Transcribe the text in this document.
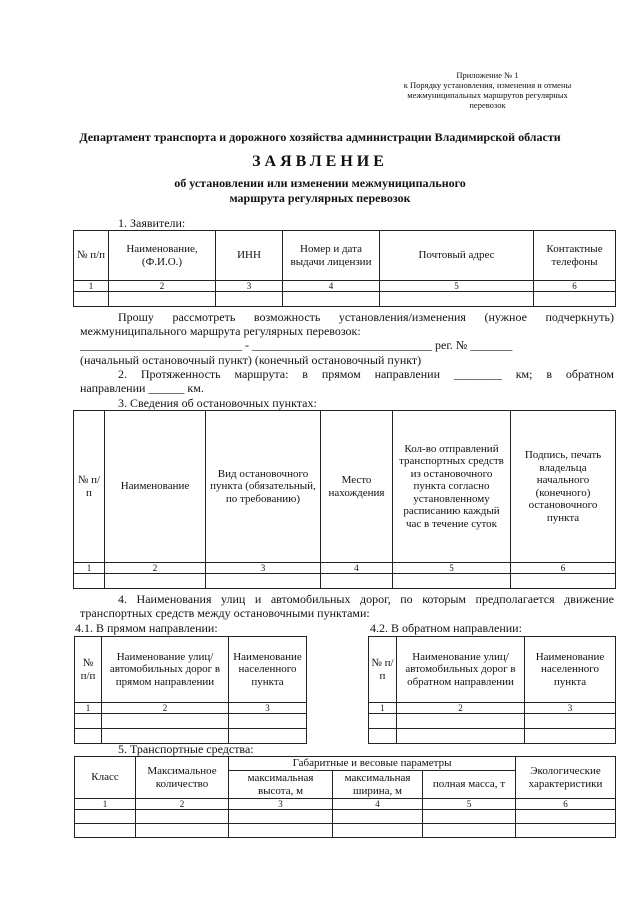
Приложение № 1
к Порядку установления, изменения и отмены
межмуниципальных маршрутов регулярных
перевозок
Департамент транспорта и дорожного хозяйства администрации Владимирской области
ЗАЯВЛЕНИЕ
об установлении или изменении межмуниципального
маршрута регулярных перевозок
1. Заявители:
№ п/п	Наименование, (Ф.И.О.)	ИНН	Номер и дата выдачи лицензии	Почтовый адрес	Контактные телефоны
1	2	3	4	5	6

Прошу рассмотреть возможность установления/изменения (нужное подчеркнуть)
межмуниципального маршрута регулярных перевозок:
___________________________ - ______________________________ рег. № _______
(начальный остановочный пункт) (конечный остановочный пункт)
2. Протяженность маршрута: в прямом направлении ________ км; в обратном
направлении ______ км.
3. Сведения об остановочных пунктах:
№ п/п	Наименование	Вид остановочного пункта (обязательный, по требованию)	Место нахождения	Кол-во отправлений транспортных средств из остановочного пункта согласно установленному расписанию каждый час в течение суток	Подпись, печать владельца начального (конечного) остановочного пункта
1	2	3	4	5	6

4. Наименования улиц и автомобильных дорог, по которым предполагается движение
транспортных средств между остановочными пунктами:
4.1. В прямом направлении:	4.2. В обратном направлении:
№ п/п	Наименование улиц/автомобильных дорог в прямом направлении	Наименование населенного пункта
1	2	3

№ п/п	Наименование улиц/автомобильных дорог в обратном направлении	Наименование населенного пункта
1	2	3

5. Транспортные средства:
Класс	Максимальное количество	Габаритные и весовые параметры			Экологические характеристики
		максимальная высота, м	максимальная ширина, м	полная масса, т	
1	2	3	4	5	6
